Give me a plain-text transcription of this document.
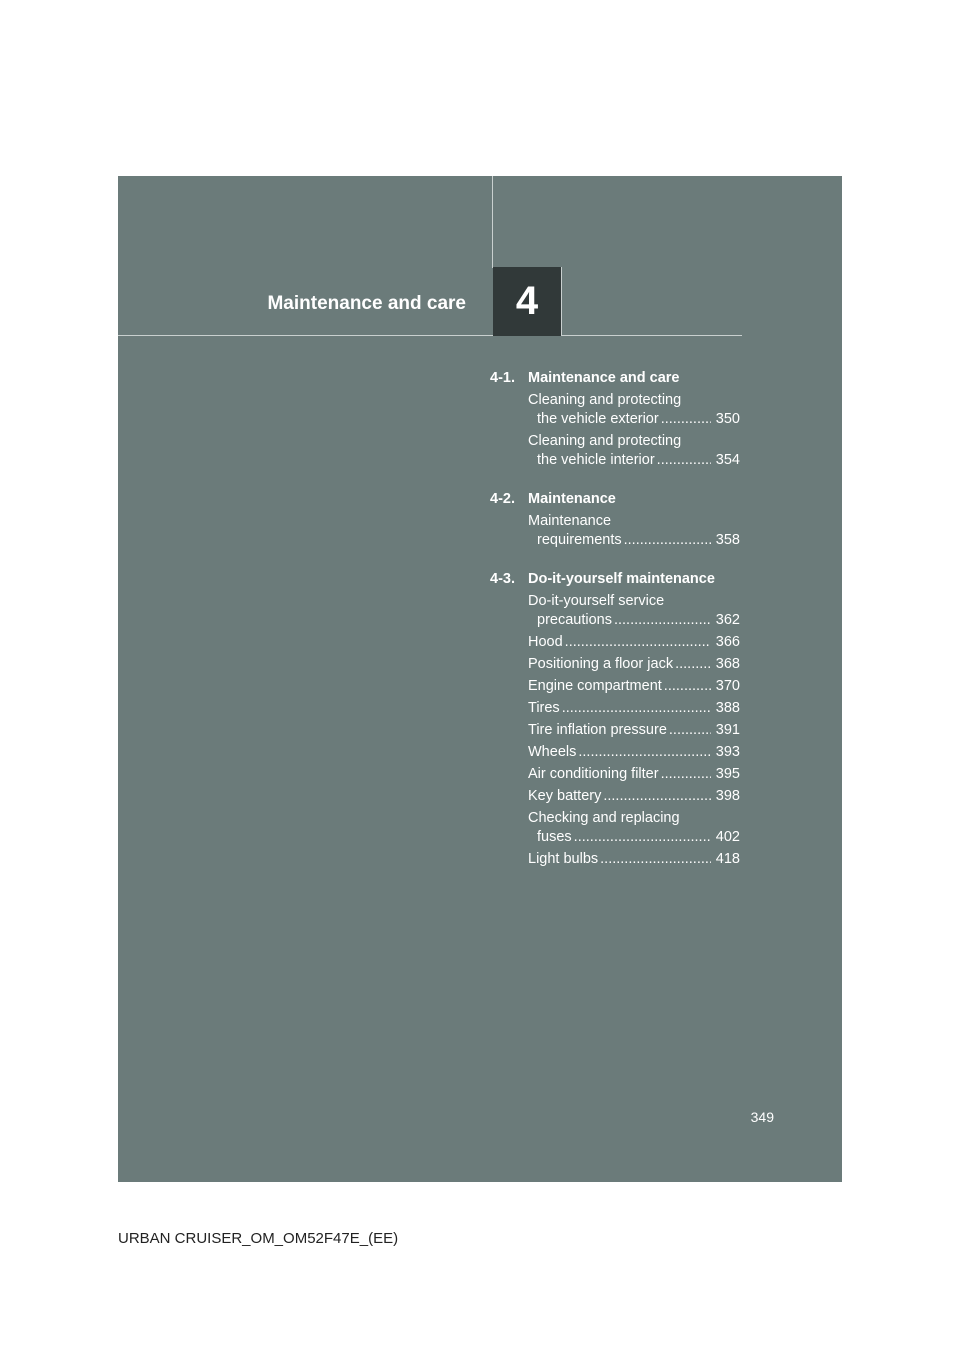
Maintenance and care 4
4-1. Maintenance and care
Cleaning and protecting
the vehicle exterior .....	350
Cleaning and protecting
the vehicle interior .....	354
4-2. Maintenance
Maintenance
requirements .....	358
4-3. Do-it-yourself maintenance
Do-it-yourself service
precautions .....	362
Hood .....	366
Positioning a floor jack .....	368
Engine compartment .....	370
Tires .....	388
Tire inflation pressure .....	391
Wheels .....	393
Air conditioning filter .....	395
Key battery .....	398
Checking and replacing
fuses .....	402
Light bulbs .....	418
349
URBAN CRUISER_OM_OM52F47E_(EE)
